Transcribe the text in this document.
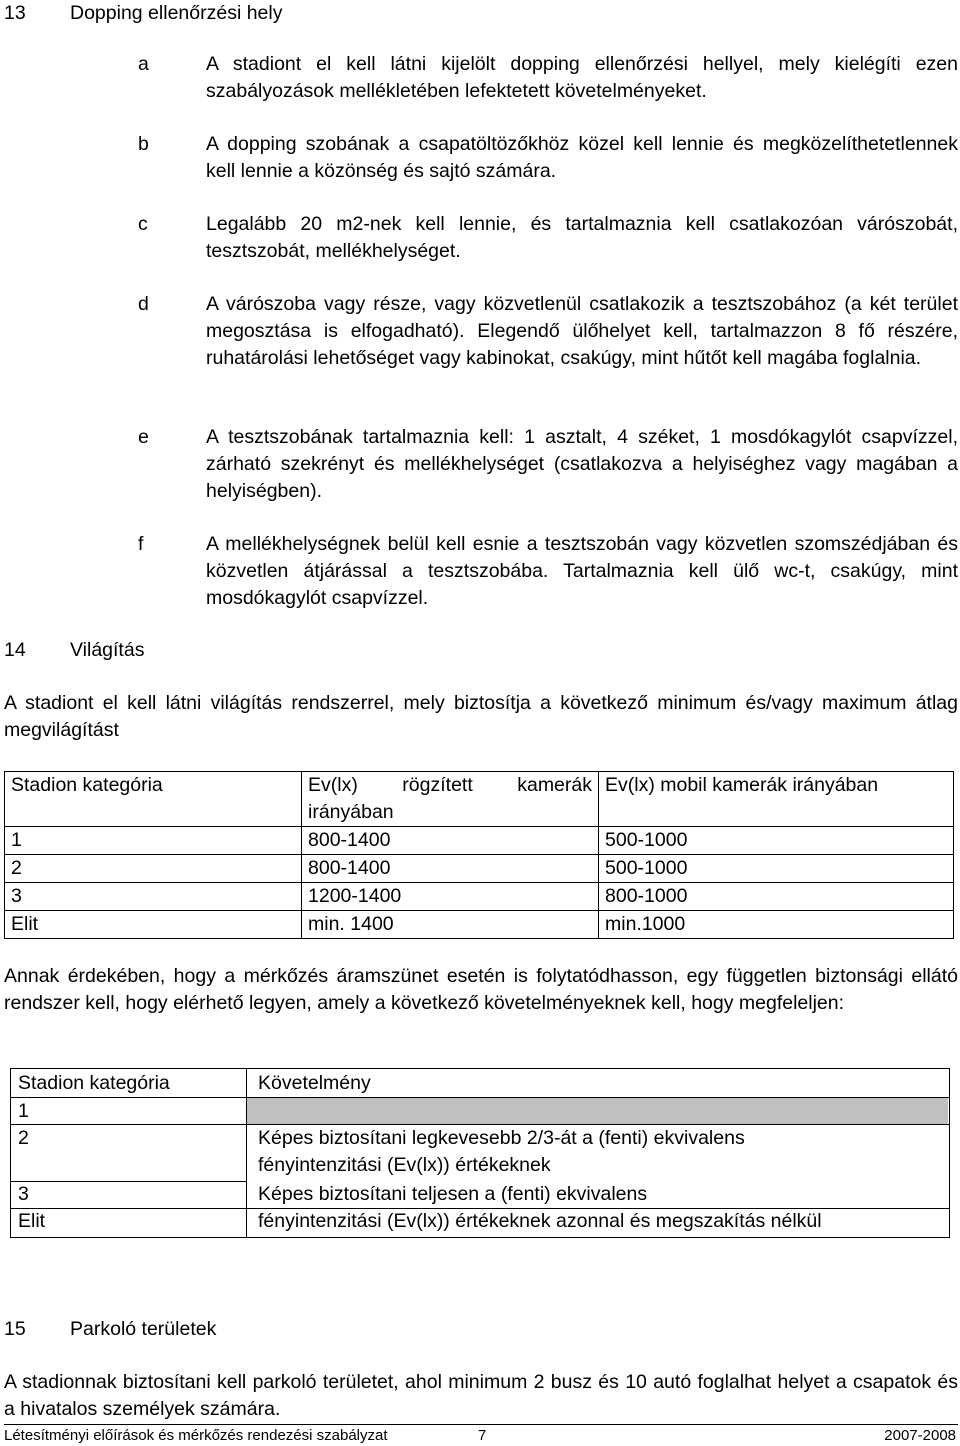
13 Dopping ellenőrzési hely
a	A stadiont el kell látni kijelölt dopping ellenőrzési hellyel, mely kielégíti ezen szabályozások mellékletében lefektetett követelményeket.
b	A dopping szobának a csapatöltözőkhöz közel kell lennie és megközelíthetetlennek kell lennie a közönség és sajtó számára.
c	Legalább 20 m2-nek kell lennie, és tartalmaznia kell csatlakozóan várószobát, tesztszobát, mellékhelységet.
d	A várószoba vagy része, vagy közvetlenül csatlakozik a tesztszobához (a két terület megosztása is elfogadható). Elegendő ülőhelyet kell, tartalmazzon 8 fő részére, ruhatárolási lehetőséget vagy kabinokat, csakúgy, mint hűtőt kell magába foglalnia.
e	A tesztszobának tartalmaznia kell: 1 asztalt, 4 széket, 1 mosdókagylót csapvízzel, zárható szekrényt és mellékhelységet (csatlakozva a helyiséghez vagy magában a helyiségben).
f	A mellékhelységnek belül kell esnie a tesztszobán vagy közvetlen szomszédjában és közvetlen átjárással a tesztszobába. Tartalmaznia kell ülő wc-t, csakúgy, mint mosdókagylót csapvízzel.
14 Világítás
A stadiont el kell látni világítás rendszerrel, mely biztosítja a következő minimum és/vagy maximum átlag megvilágítást
Stadion kategória	Ev(lx) rögzített kamerák irányában	Ev(lx) mobil kamerák irányában
1	800-1400	500-1000
2	800-1400	500-1000
3	1200-1400	800-1000
Elit	min. 1400	min.1000
Annak érdekében, hogy a mérkőzés áramszünet esetén is folytatódhasson, egy független biztonsági ellátó rendszer kell, hogy elérhető legyen, amely a következő követelményeknek kell, hogy megfeleljen:
Stadion kategória	Követelmény
1
2	Képes biztosítani legkevesebb 2/3-át a (fenti) ekvivalens fényintenzitási (Ev(lx)) értékeknek
3	Képes biztosítani teljesen a (fenti) ekvivalens
Elit	fényintenzitási (Ev(lx)) értékeknek azonnal és megszakítás nélkül
15 Parkoló területek
A stadionnak biztosítani kell parkoló területet, ahol minimum 2 busz és 10 autó foglalhat helyet a csapatok és a hivatalos személyek számára.
Létesítményi előírások és mérkőzés rendezési szabályzat	7	2007-2008
